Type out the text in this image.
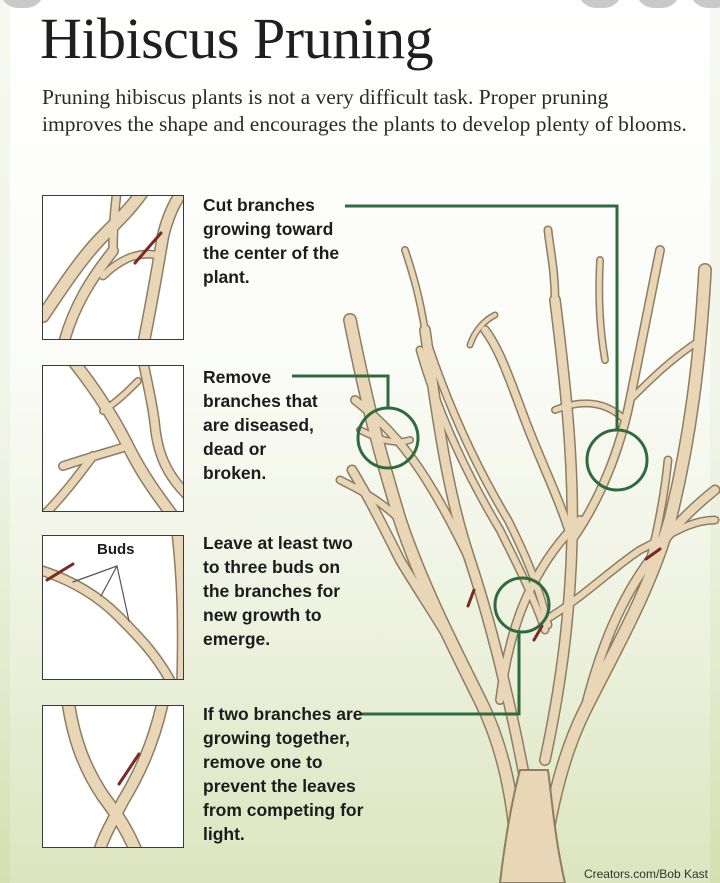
Hibiscus Pruning

Pruning hibiscus plants is not a very difficult task. Proper pruning improves the shape and encourages the plants to develop plenty of blooms.

Cut branches growing toward the center of the plant.

Remove branches that are diseased, dead or broken.

Buds	Leave at least two to three buds on the branches for new growth to emerge.

If two branches are growing together, remove one to prevent the leaves from competing for light.

Creators.com/Bob Kast
